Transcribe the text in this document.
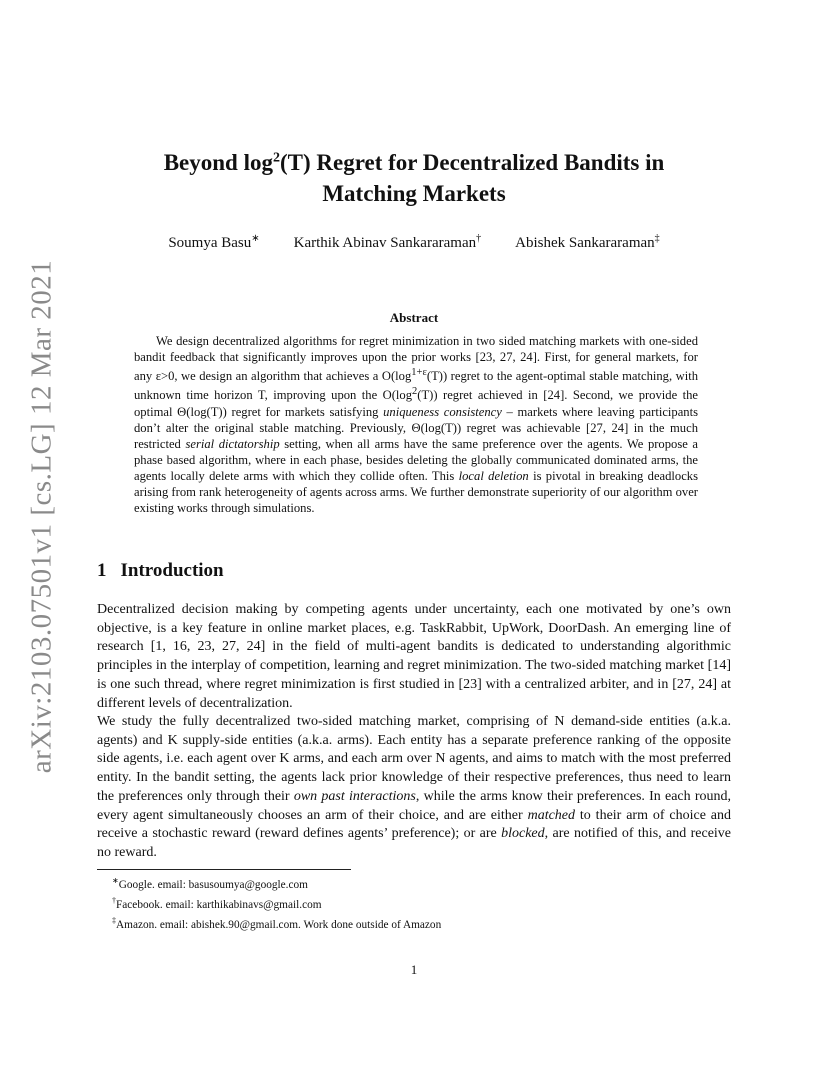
arXiv:2103.07501v1 [cs.LG] 12 Mar 2021
Beyond $\log^2(T)$ Regret for Decentralized Bandits in
Matching Markets
Soumya Basu∗ Karthik Abinav Sankararaman† Abishek Sankararaman‡
Abstract

We design decentralized algorithms for regret minimization in two sided matching markets with one-sided bandit feedback that significantly improves upon the prior works [23, 27, 24]. First, for general markets, for any ε>0, we design an algorithm that achieves a $O(\log^{1+\varepsilon}(T))$ regret to the agent-optimal stable matching, with unknown time horizon T, improving upon the $O(\log^2(T))$ regret achieved in [24]. Second, we provide the optimal Θ(log(T)) regret for markets satisfying uniqueness consistency – markets where leaving participants don’t alter the original stable matching. Previously, Θ(log(T)) regret was achievable [27, 24] in the much restricted serial dictatorship setting, when all arms have the same preference over the agents. We propose a phase based algorithm, where in each phase, besides deleting the globally communicated dominated arms, the agents locally delete arms with which they collide often. This local deletion is pivotal in breaking deadlocks arising from rank heterogeneity of agents across arms. We further demonstrate superiority of our algorithm over existing works through simulations.

1 Introduction

Decentralized decision making by competing agents under uncertainty, each one motivated by one’s own objective, is a key feature in online market places, e.g. TaskRabbit, UpWork, DoorDash. An emerging line of research [1, 16, 23, 27, 24] in the field of multi-agent bandits is dedicated to understanding algorithmic principles in the interplay of competition, learning and regret minimization. The two-sided matching market [14] is one such thread, where regret minimization is first studied in [23] with a centralized arbiter, and in [27, 24] at different levels of decentralization.

We study the fully decentralized two-sided matching market, comprising of N demand-side entities (a.k.a. agents) and K supply-side entities (a.k.a. arms). Each entity has a separate preference ranking of the opposite side agents, i.e. each agent over K arms, and each arm over N agents, and aims to match with the most preferred entity. In the bandit setting, the agents lack prior knowledge of their respective preferences, thus need to learn the preferences only through their own past interactions, while the arms know their preferences. In each round, every agent simultaneously chooses an arm of their choice, and are either matched to their arm of choice and receive a stochastic reward (reward defines agents’ preference); or are blocked, are notified of this, and receive no reward.

∗Google. email: basusoumya@google.com
†Facebook. email: karthikabinavs@gmail.com
‡Amazon. email: abishek.90@gmail.com. Work done outside of Amazon
1
